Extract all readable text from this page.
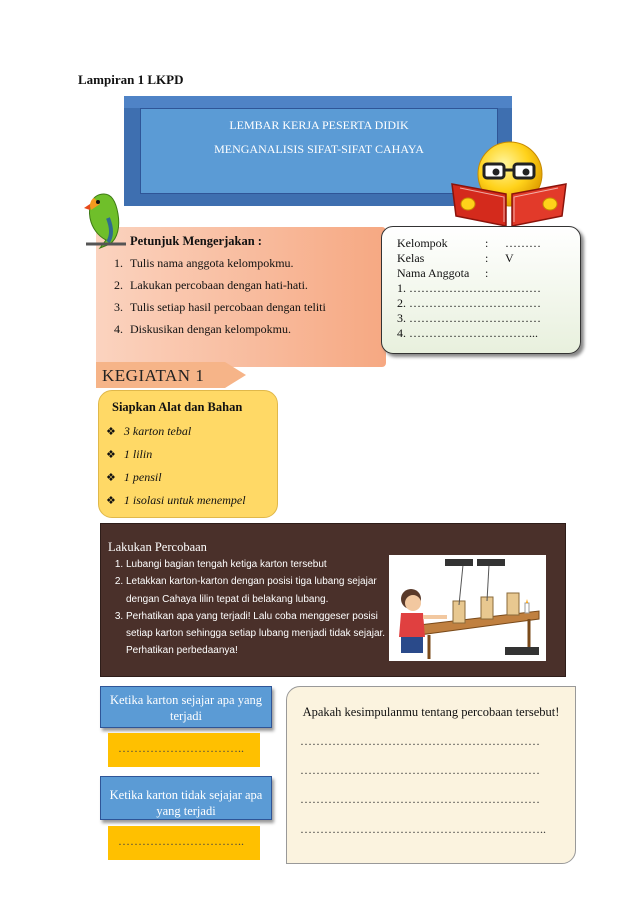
Lampiran 1 LKPD
LEMBAR KERJA PESERTA DIDIK
MENGANALISIS SIFAT-SIFAT CAHAYA
Petunjuk Mengerjakan :
1. Tulis nama anggota kelompokmu.
2. Lakukan percobaan dengan hati-hati.
3. Tulis setiap hasil percobaan dengan teliti
4. Diskusikan dengan kelompokmu.
Kelompok	:	………
Kelas	:	V
Nama Anggota	:
1. ……………………………
2. ……………………………
3. ……………………………
4. …………………………...
KEGIATAN 1
Siapkan Alat dan Bahan
❖ 3 karton tebal
❖ 1 lilin
❖ 1 pensil
❖ 1 isolasi untuk menempel
Lakukan Percobaan
1. Lubangi bagian tengah ketiga karton tersebut
2. Letakkan karton-karton dengan posisi tiga lubang sejajar dengan Cahaya lilin tepat di belakang lubang.
3. Perhatikan apa yang terjadi! Lalu coba menggeser posisi setiap karton sehingga setiap lubang menjadi tidak sejajar. Perhatikan perbedaanya!
Ketika karton sejajar apa yang terjadi
…………………………..
Ketika karton tidak sejajar apa yang terjadi
…………………………..
Apakah kesimpulanmu tentang percobaan tersebut!
……………………………………………………
……………………………………………………
……………………………………………………
……………………………………………………..
